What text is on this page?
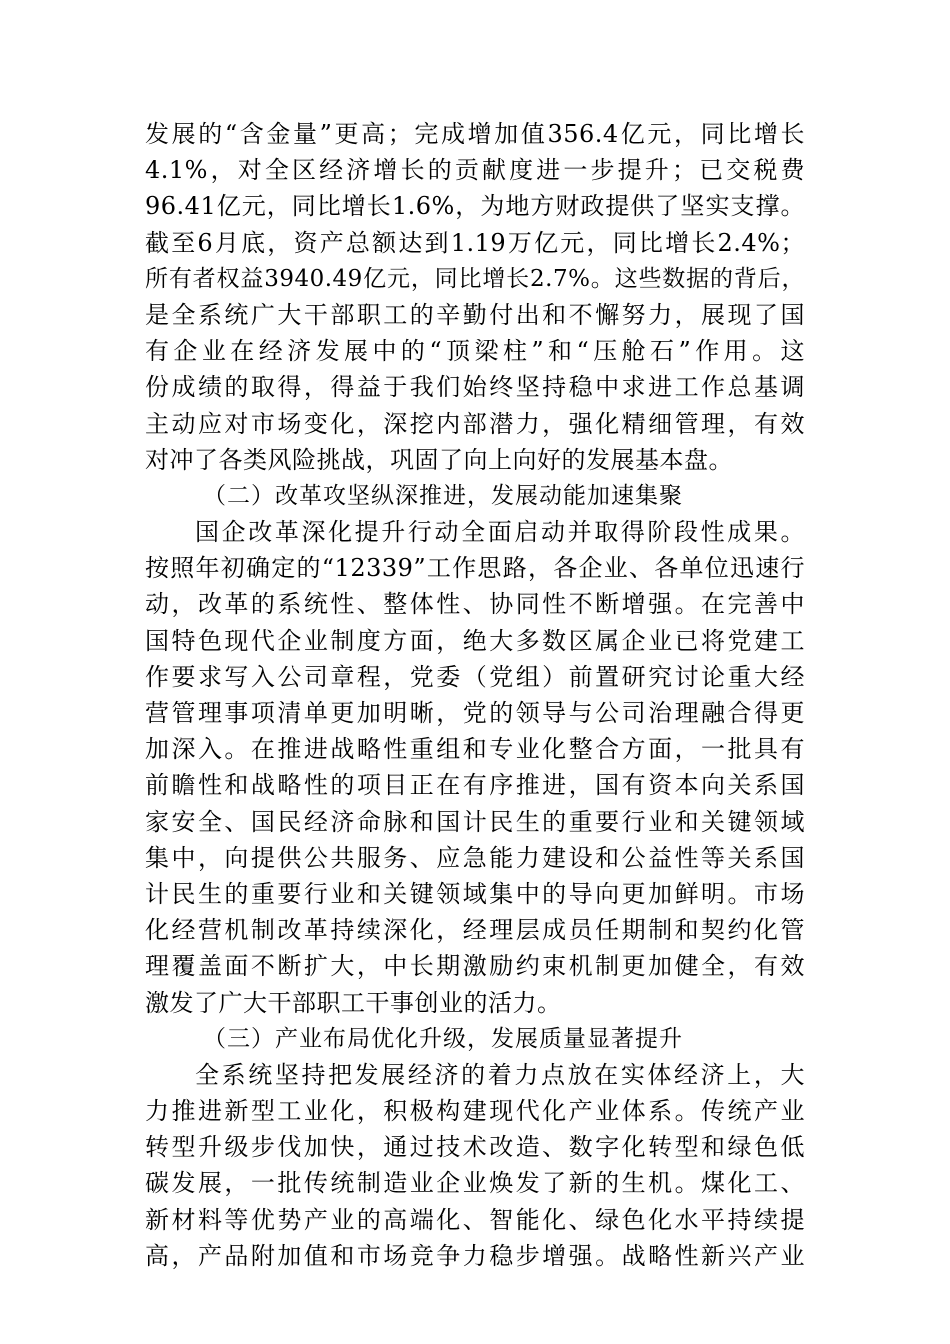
发展的“含金量”更高；完成增加值356.4亿元，同比增长
4.1%，对全区经济增长的贡献度进一步提升；已交税费
96.41亿元，同比增长1.6%，为地方财政提供了坚实支撑。
截至6月底，资产总额达到1.19万亿元，同比增长2.4%；
所有者权益3940.49亿元，同比增长2.7%。这些数据的背后，
是全系统广大干部职工的辛勤付出和不懈努力，展现了国
有企业在经济发展中的“顶梁柱”和“压舱石”作用。这
份成绩的取得，得益于我们始终坚持稳中求进工作总基调
主动应对市场变化，深挖内部潜力，强化精细管理，有效
对冲了各类风险挑战，巩固了向上向好的发展基本盘。
（二）改革攻坚纵深推进，发展动能加速集聚
国企改革深化提升行动全面启动并取得阶段性成果。
按照年初确定的“12339”工作思路，各企业、各单位迅速行
动，改革的系统性、整体性、协同性不断增强。在完善中
国特色现代企业制度方面，绝大多数区属企业已将党建工
作要求写入公司章程，党委（党组）前置研究讨论重大经
营管理事项清单更加明晰，党的领导与公司治理融合得更
加深入。在推进战略性重组和专业化整合方面，一批具有
前瞻性和战略性的项目正在有序推进，国有资本向关系国
家安全、国民经济命脉和国计民生的重要行业和关键领域
集中，向提供公共服务、应急能力建设和公益性等关系国
计民生的重要行业和关键领域集中的导向更加鲜明。市场
化经营机制改革持续深化，经理层成员任期制和契约化管
理覆盖面不断扩大，中长期激励约束机制更加健全，有效
激发了广大干部职工干事创业的活力。
（三）产业布局优化升级，发展质量显著提升
全系统坚持把发展经济的着力点放在实体经济上，大
力推进新型工业化，积极构建现代化产业体系。传统产业
转型升级步伐加快，通过技术改造、数字化转型和绿色低
碳发展，一批传统制造业企业焕发了新的生机。煤化工、
新材料等优势产业的高端化、智能化、绿色化水平持续提
高，产品附加值和市场竞争力稳步增强。战略性新兴产业
